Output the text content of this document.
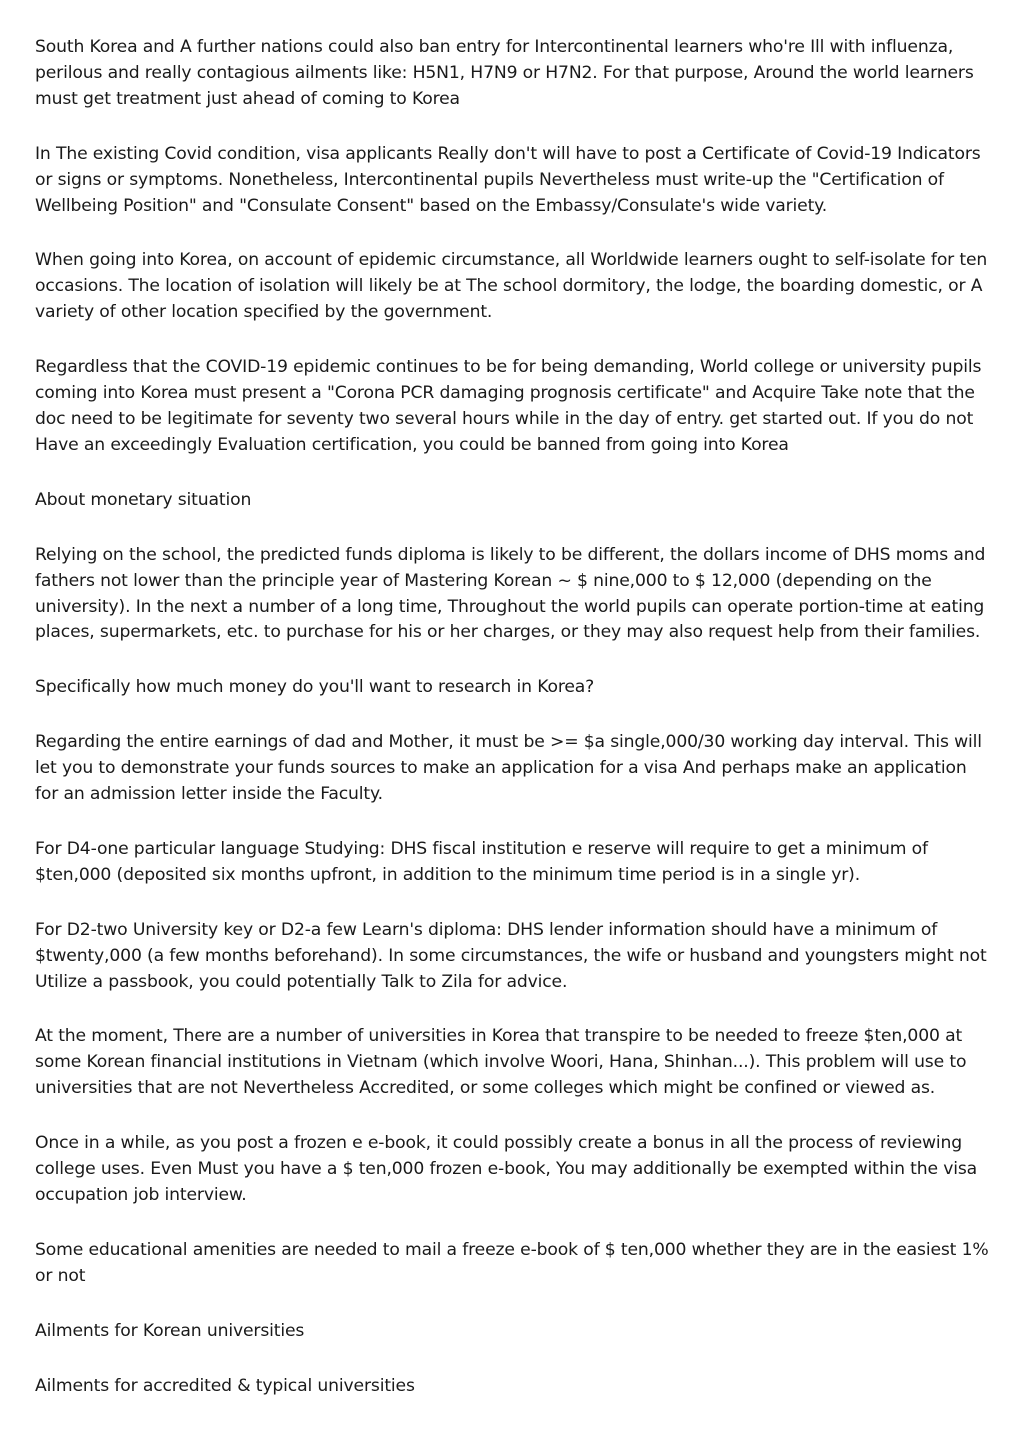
South Korea and A further nations could also ban entry for Intercontinental learners who're Ill with influenza, perilous and really contagious ailments like: H5N1, H7N9 or H7N2. For that purpose, Around the world learners must get treatment just ahead of coming to Korea

In The existing Covid condition, visa applicants Really don't will have to post a Certificate of Covid-19 Indicators or signs or symptoms. Nonetheless, Intercontinental pupils Nevertheless must write-up the "Certification of Wellbeing Position" and "Consulate Consent" based on the Embassy/Consulate's wide variety.

When going into Korea, on account of epidemic circumstance, all Worldwide learners ought to self-isolate for ten occasions. The location of isolation will likely be at The school dormitory, the lodge, the boarding domestic, or A variety of other location specified by the government.

Regardless that the COVID-19 epidemic continues to be for being demanding, World college or university pupils coming into Korea must present a "Corona PCR damaging prognosis certificate" and Acquire Take note that the doc need to be legitimate for seventy two several hours while in the day of entry. get started out. If you do not Have an exceedingly Evaluation certification, you could be banned from going into Korea

About monetary situation

Relying on the school, the predicted funds diploma is likely to be different, the dollars income of DHS moms and fathers not lower than the principle year of Mastering Korean ~ $ nine,000 to $ 12,000 (depending on the university). In the next a number of a long time, Throughout the world pupils can operate portion-time at eating places, supermarkets, etc. to purchase for his or her charges, or they may also request help from their families.

Specifically how much money do you'll want to research in Korea?

Regarding the entire earnings of dad and Mother, it must be >= $a single,000/30 working day interval. This will let you to demonstrate your funds sources to make an application for a visa And perhaps make an application for an admission letter inside the Faculty.

For D4-one particular language Studying: DHS fiscal institution e reserve will require to get a minimum of $ten,000 (deposited six months upfront, in addition to the minimum time period is in a single yr).

For D2-two University key or D2-a few Learn's diploma: DHS lender information should have a minimum of $twenty,000 (a few months beforehand). In some circumstances, the wife or husband and youngsters might not Utilize a passbook, you could potentially Talk to Zila for advice.

At the moment, There are a number of universities in Korea that transpire to be needed to freeze $ten,000 at some Korean financial institutions in Vietnam (which involve Woori, Hana, Shinhan...). This problem will use to universities that are not Nevertheless Accredited, or some colleges which might be confined or viewed as.

Once in a while, as you post a frozen e e-book, it could possibly create a bonus in all the process of reviewing college uses. Even Must you have a $ ten,000 frozen e-book, You may additionally be exempted within the visa occupation job interview.

Some educational amenities are needed to mail a freeze e-book of $ ten,000 whether they are in the easiest 1% or not

Ailments for Korean universities

Ailments for accredited & typical universities
